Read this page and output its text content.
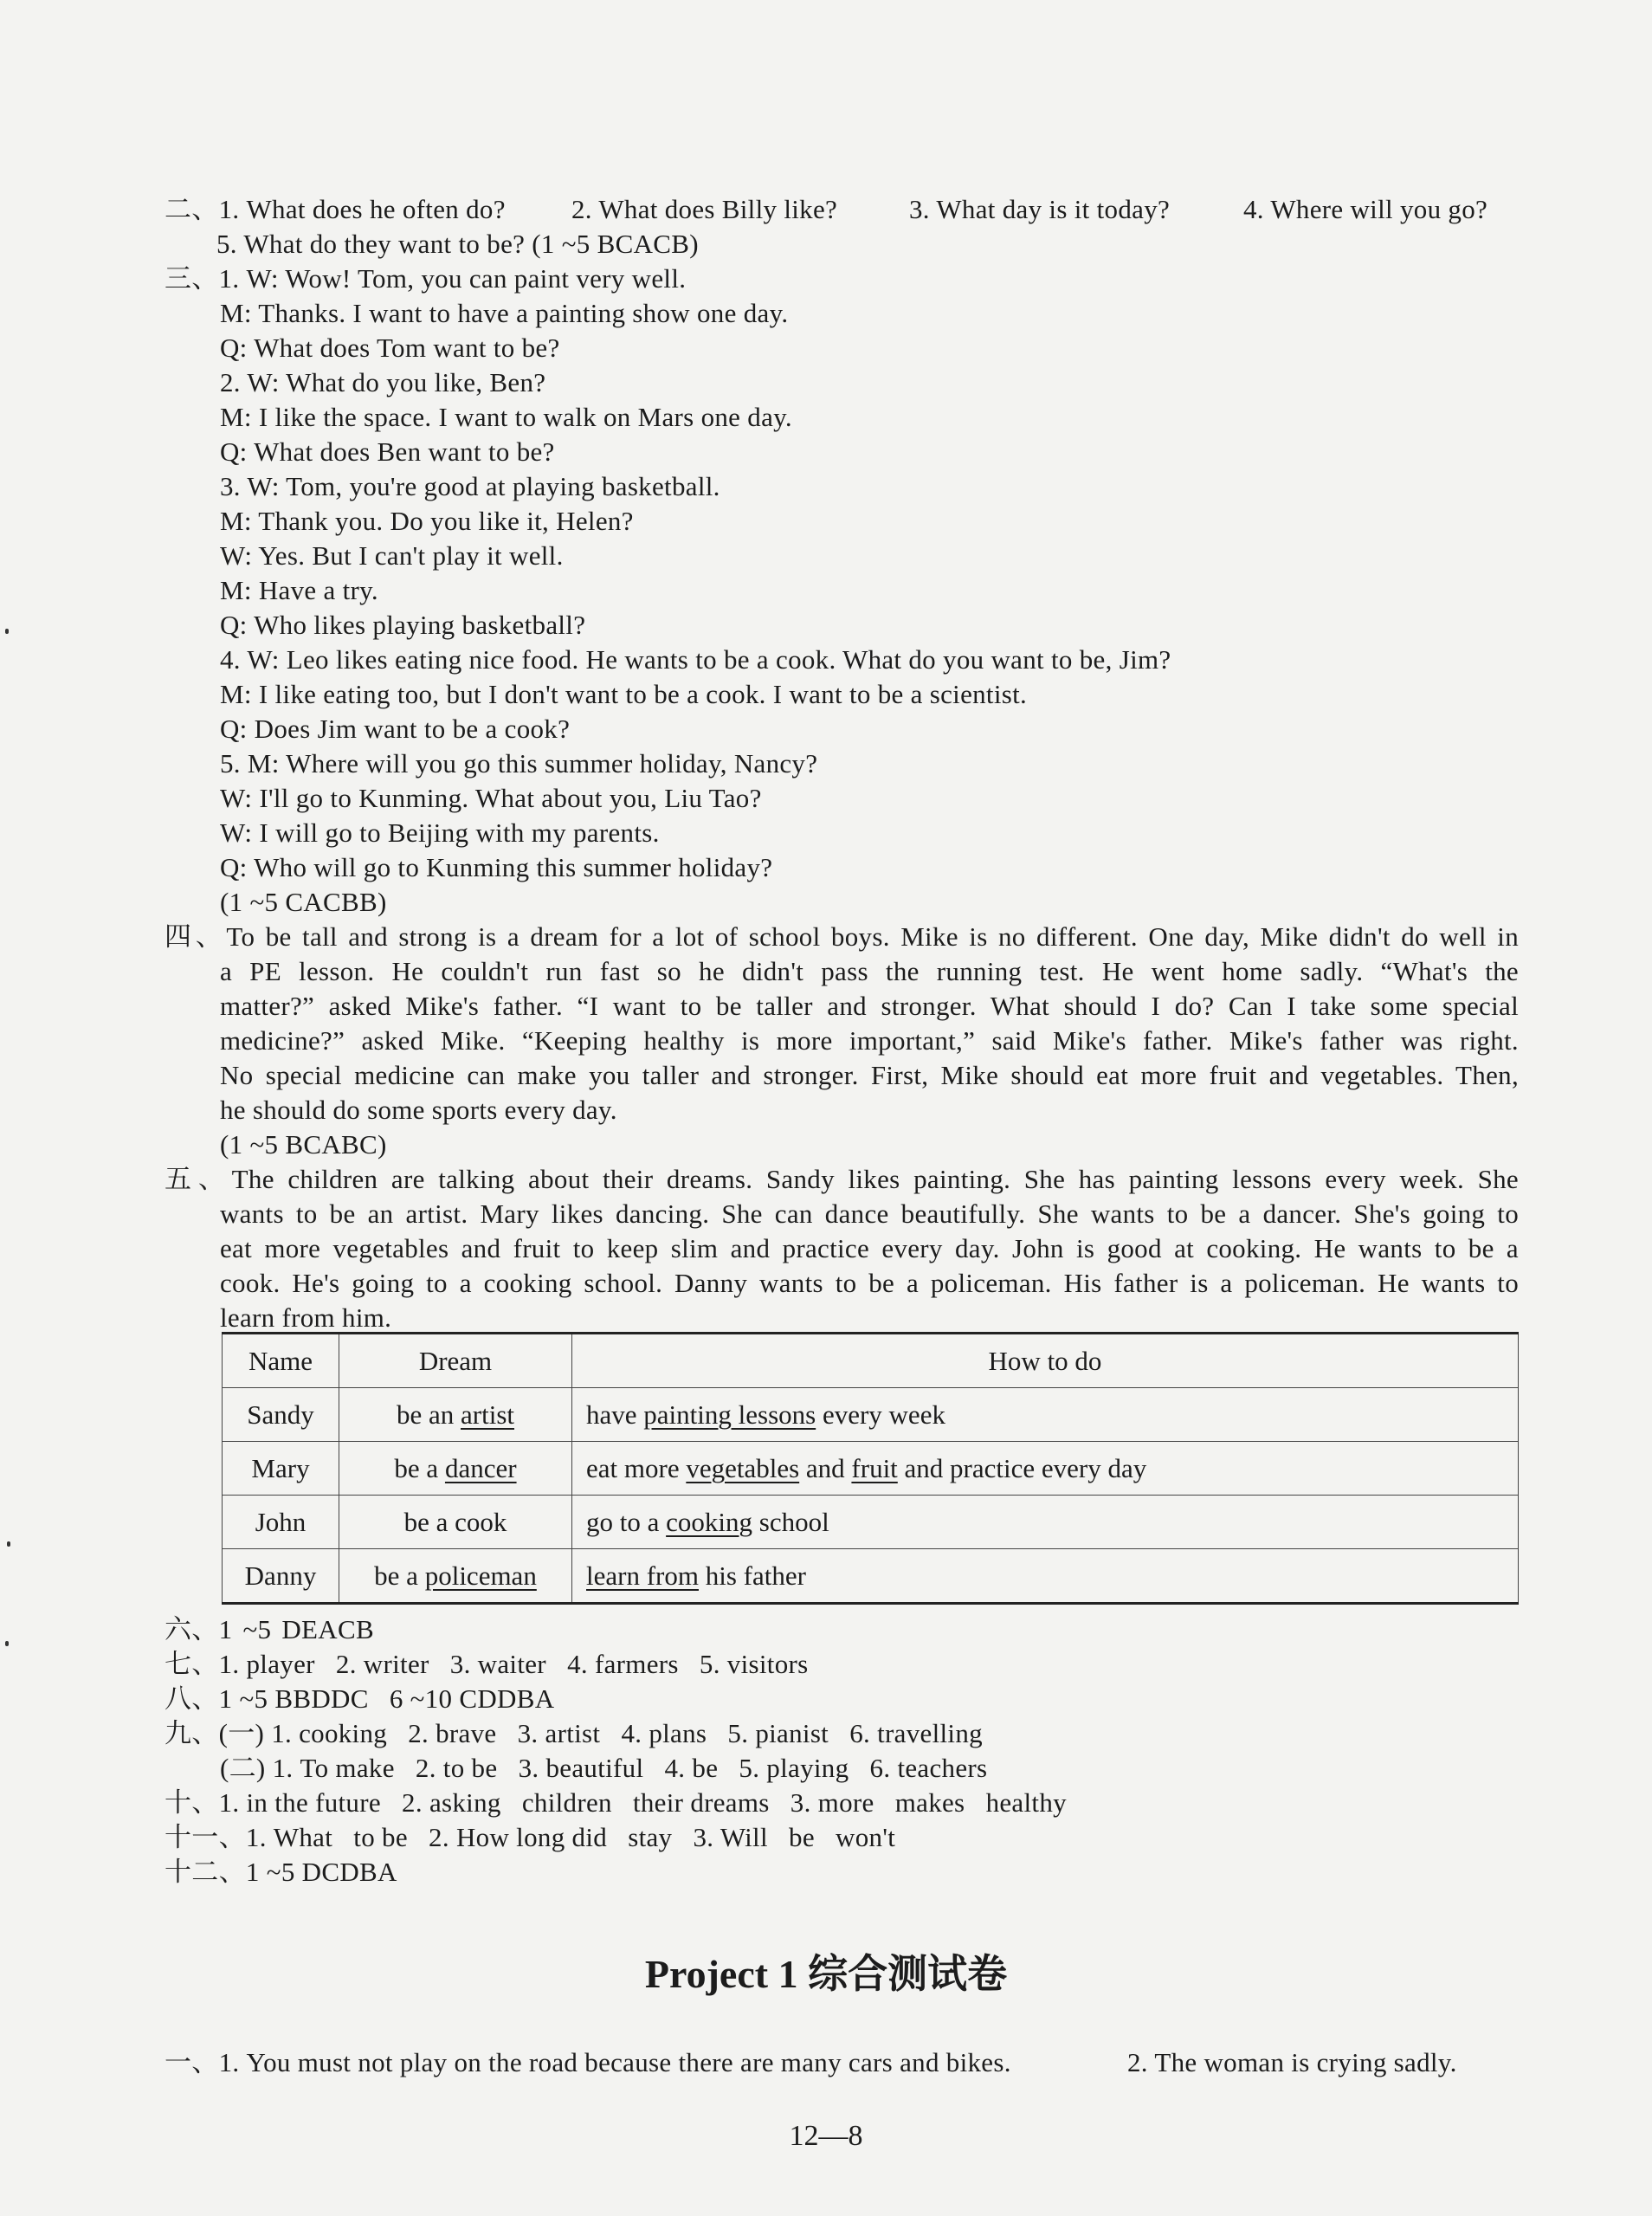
二、1. What does he often do? 2. What does Billy like?	3. What day is it today?	4. Where will you go?
5. What do they want to be? (1 ~5 BCACB)
三、1. W: Wow! Tom, you can paint very well.
M: Thanks. I want to have a painting show one day.
Q: What does Tom want to be?
2. W: What do you like, Ben?
M: I like the space. I want to walk on Mars one day.
Q: What does Ben want to be?
3. W: Tom, you're good at playing basketball.
M: Thank you. Do you like it, Helen?
W: Yes. But I can't play it well.
M: Have a try.
Q: Who likes playing basketball?
4. W: Leo likes eating nice food. He wants to be a cook. What do you want to be, Jim?
M: I like eating too, but I don't want to be a cook. I want to be a scientist.
Q: Does Jim want to be a cook?
5. M: Where will you go this summer holiday, Nancy?
W: I'll go to Kunming. What about you, Liu Tao?
W: I will go to Beijing with my parents.
Q: Who will go to Kunming this summer holiday?
(1 ~5 CACBB)
四、To be tall and strong is a dream for a lot of school boys. Mike is no different. One day, Mike didn't do well in
a PE lesson. He couldn't run fast so he didn't pass the running test. He went home sadly. “What's the
matter?” asked Mike's father. “I want to be taller and stronger. What should I do? Can I take some special
medicine?” asked Mike. “Keeping healthy is more important,” said Mike's father. Mike's father was right.
No special medicine can make you taller and stronger. First, Mike should eat more fruit and vegetables. Then,
he should do some sports every day.
(1 ~5 BCABC)
五、The children are talking about their dreams. Sandy likes painting. She has painting lessons every week. She
wants to be an artist. Mary likes dancing. She can dance beautifully. She wants to be a dancer. She's going to
eat more vegetables and fruit to keep slim and practice every day. John is good at cooking. He wants to be a
cook. He's going to a cooking school. Danny wants to be a policeman. His father is a policeman. He wants to
learn from him.
Name	Dream	How to do
Sandy	be an artist	have painting lessons every week
Mary	be a dancer	eat more vegetables and fruit and practice every day
John	be a cook	go to a cooking school
Danny	be a policeman	learn from his father
六、1 ~5 DEACB
七、1. player   2. writer   3. waiter   4. farmers   5. visitors
八、1 ~5 BBDDC   6 ~10 CDDBA
九、(一) 1. cooking   2. brave   3. artist   4. plans   5. pianist   6. travelling
(二) 1. To make   2. to be   3. beautiful   4. be   5. playing   6. teachers
十、1. in the future   2. asking   children   their dreams   3. more   makes   healthy
十一、1. What   to be   2. How long did   stay   3. Will   be   won't
十二、1 ~5 DCDBA
Project 1 综合测试卷
一、1. You must not play on the road because there are many cars and bikes.	2. The woman is crying sadly.
12—8
